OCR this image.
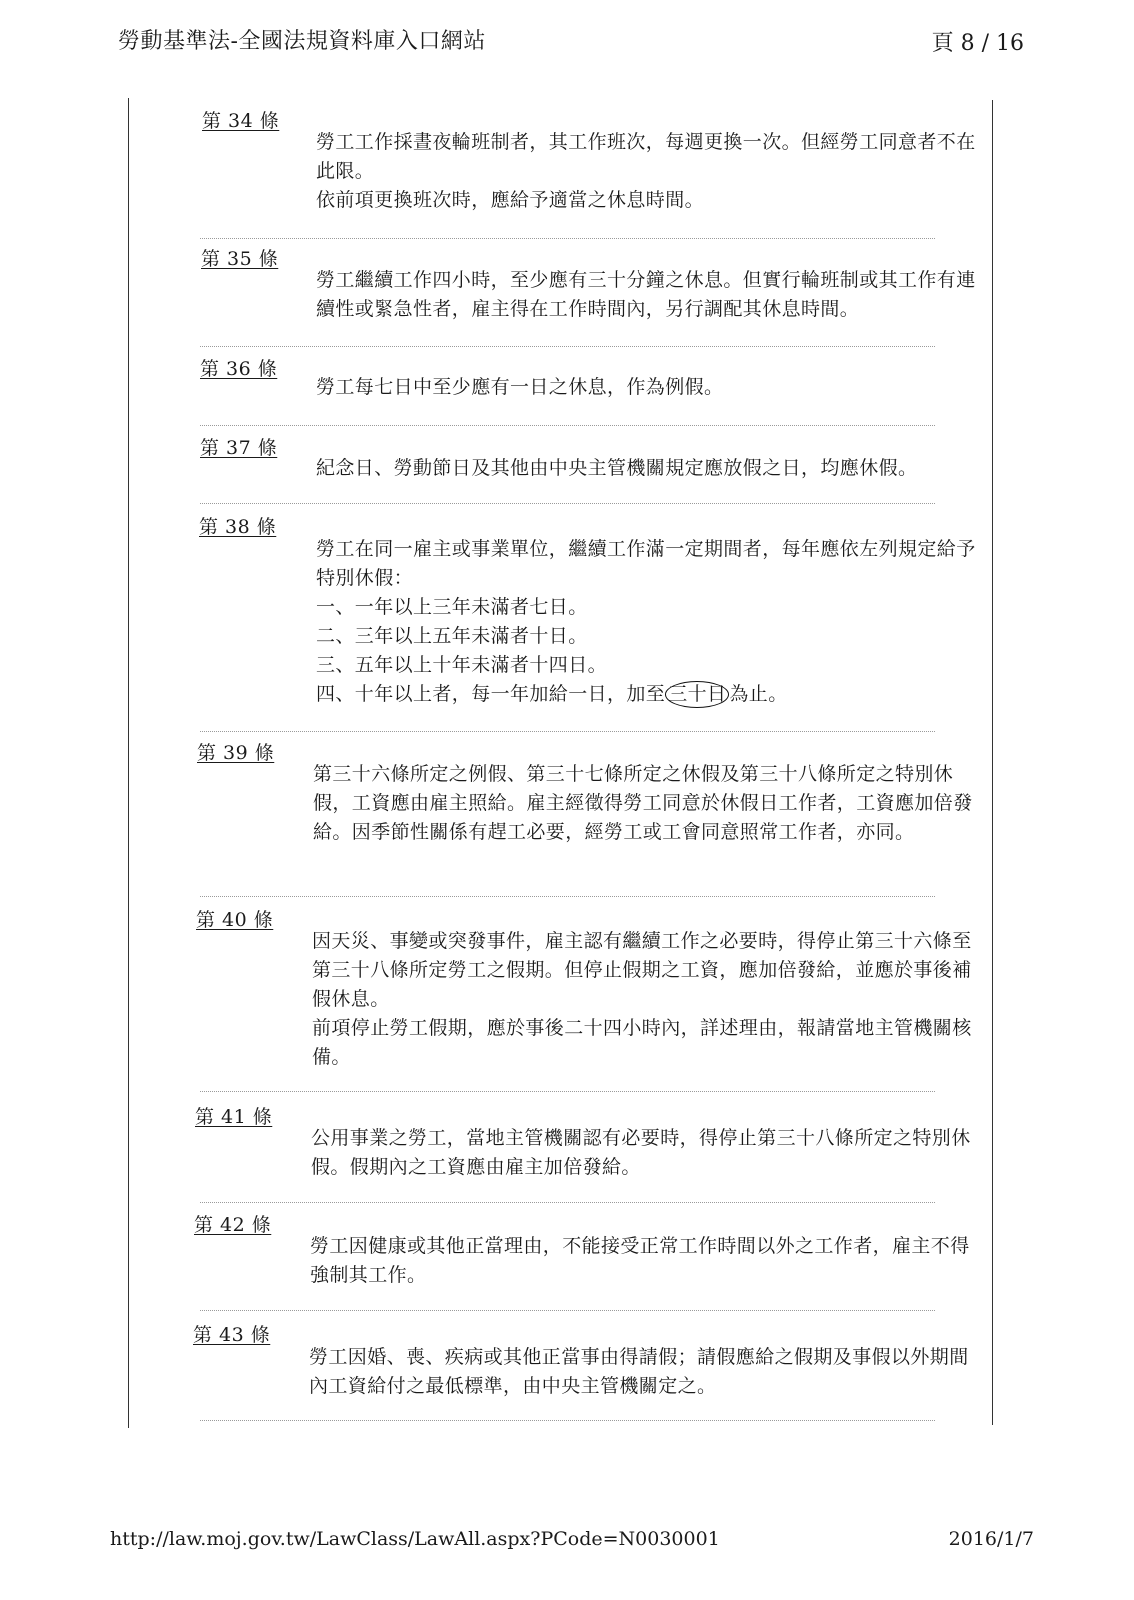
勞動基準法-全國法規資料庫入口網站	頁 8 / 16
第 34 條

勞工工作採晝夜輪班制者，其工作班次，每週更換一次。但經勞工同意者不在此限。

依前項更換班次時，應給予適當之休息時間。

第 35 條

勞工繼續工作四小時，至少應有三十分鐘之休息。但實行輪班制或其工作有連續性或緊急性者，雇主得在工作時間內，另行調配其休息時間。

第 36 條

勞工每七日中至少應有一日之休息，作為例假。

第 37 條

紀念日、勞動節日及其他由中央主管機關規定應放假之日，均應休假。

第 38 條

勞工在同一雇主或事業單位，繼續工作滿一定期間者，每年應依左列規定給予特別休假：

一、一年以上三年未滿者七日。

二、三年以上五年未滿者十日。

三、五年以上十年未滿者十四日。

四、十年以上者，每一年加給一日，加至 三十日 為止。

第 39 條

第三十六條所定之例假、第三十七條所定之休假及第三十八條所定之特別休假，工資應由雇主照給。雇主經徵得勞工同意於休假日工作者，工資應加倍發給。因季節性關係有趕工必要，經勞工或工會同意照常工作者，亦同。

第 40 條

因天災、事變或突發事件，雇主認有繼續工作之必要時，得停止第三十六條至第三十八條所定勞工之假期。但停止假期之工資，應加倍發給，並應於事後補假休息。

前項停止勞工假期，應於事後二十四小時內，詳述理由，報請當地主管機關核備。

第 41 條

公用事業之勞工，當地主管機關認有必要時，得停止第三十八條所定之特別休假。假期內之工資應由雇主加倍發給。

第 42 條

勞工因健康或其他正當理由，不能接受正常工作時間以外之工作者，雇主不得強制其工作。

第 43 條

勞工因婚、喪、疾病或其他正當事由得請假；請假應給之假期及事假以外期間內工資給付之最低標準，由中央主管機關定之。

http://law.moj.gov.tw/LawClass/LawAll.aspx?PCode=N0030001	2016/1/7
